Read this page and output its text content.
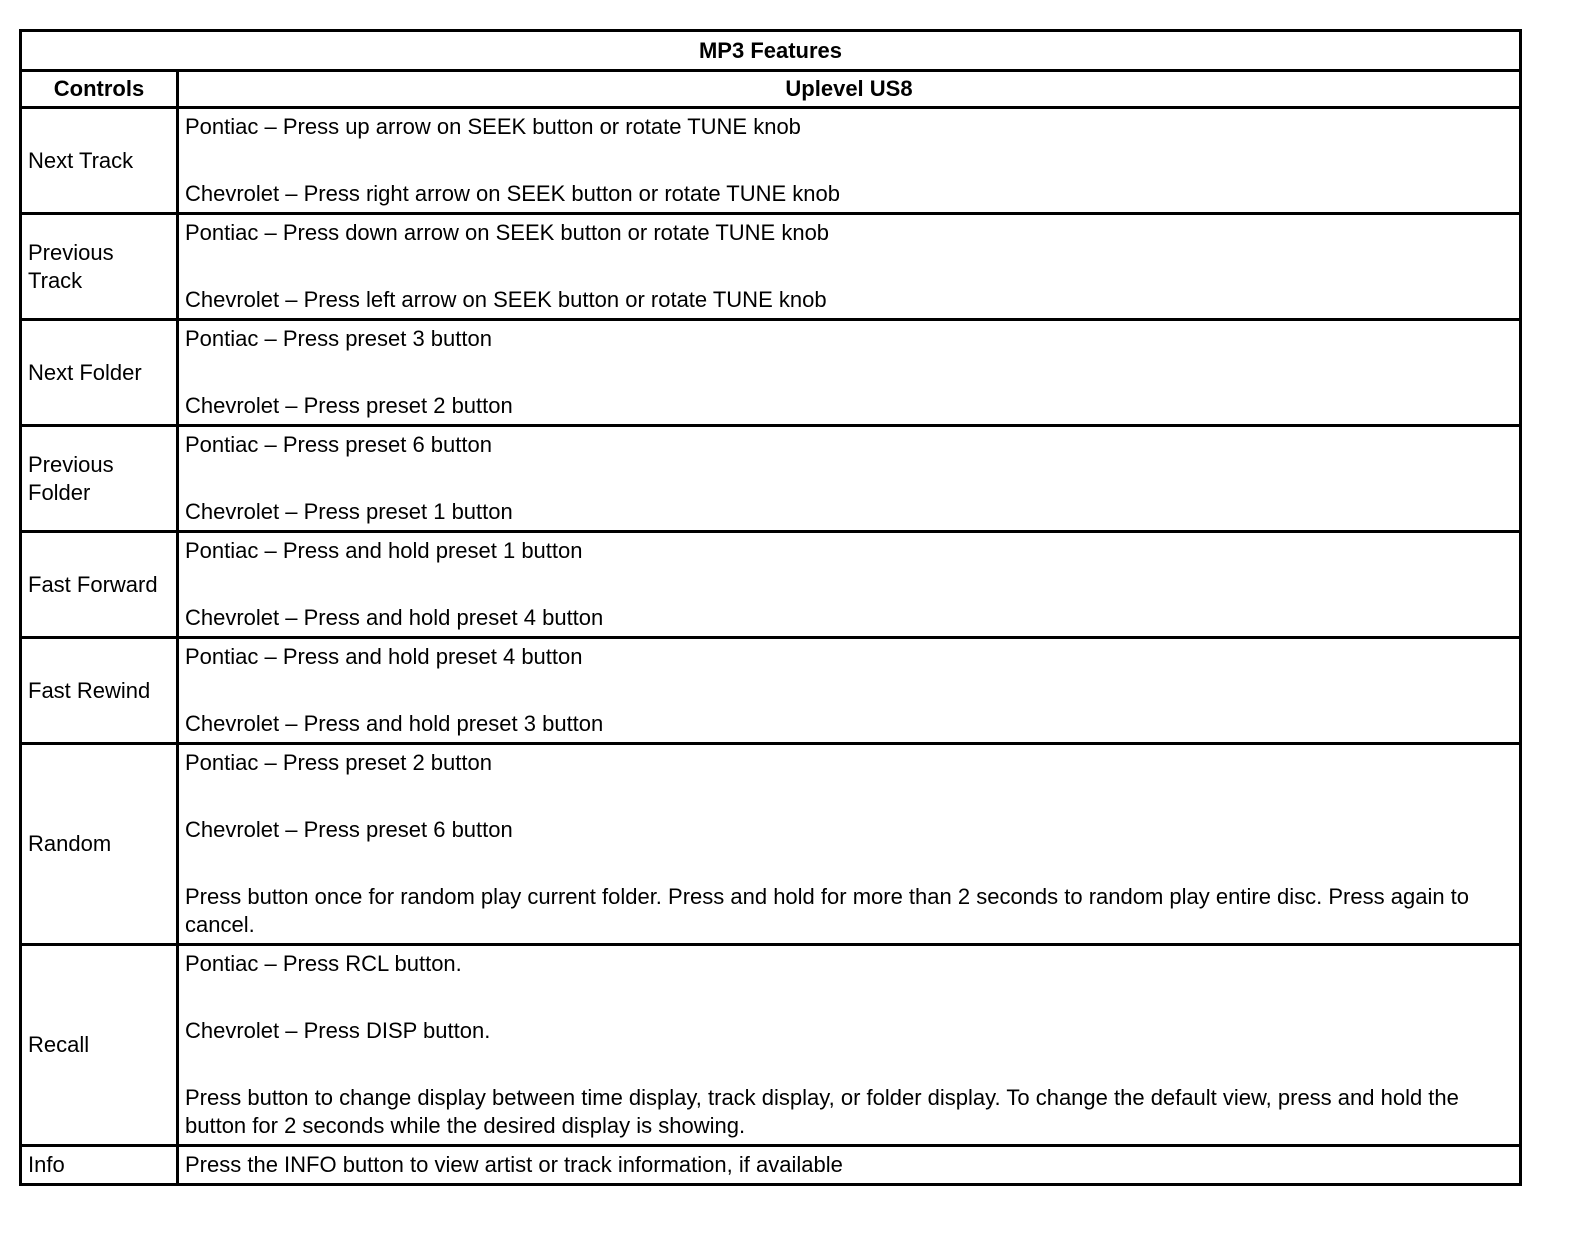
MP3 Features	
Controls	Uplevel US8
Next Track	Pontiac – Press up arrow on SEEK button or rotate TUNE knob
Chevrolet – Press right arrow on SEEK button or rotate TUNE knob

Previous Track	Pontiac – Press down arrow on SEEK button or rotate TUNE knob
Chevrolet – Press left arrow on SEEK button or rotate TUNE knob

Next Folder	Pontiac – Press preset 3 button
Chevrolet – Press preset 2 button

Previous Folder	Pontiac – Press preset 6 button
Chevrolet – Press preset 1 button

Fast Forward	Pontiac – Press and hold preset 1 button
Chevrolet – Press and hold preset 4 button

Fast Rewind	Pontiac – Press and hold preset 4 button
Chevrolet – Press and hold preset 3 button

Random	Pontiac – Press preset 2 button
Chevrolet – Press preset 6 button
Press button once for random play current folder. Press and hold for more than 2 seconds to random play entire disc. Press again to cancel.

Recall	Pontiac – Press RCL button.
Chevrolet – Press DISP button.
Press button to change display between time display, track display, or folder display. To change the default view, press and hold the button for 2 seconds while the desired display is showing.

Info	Press the INFO button to view artist or track information, if available
